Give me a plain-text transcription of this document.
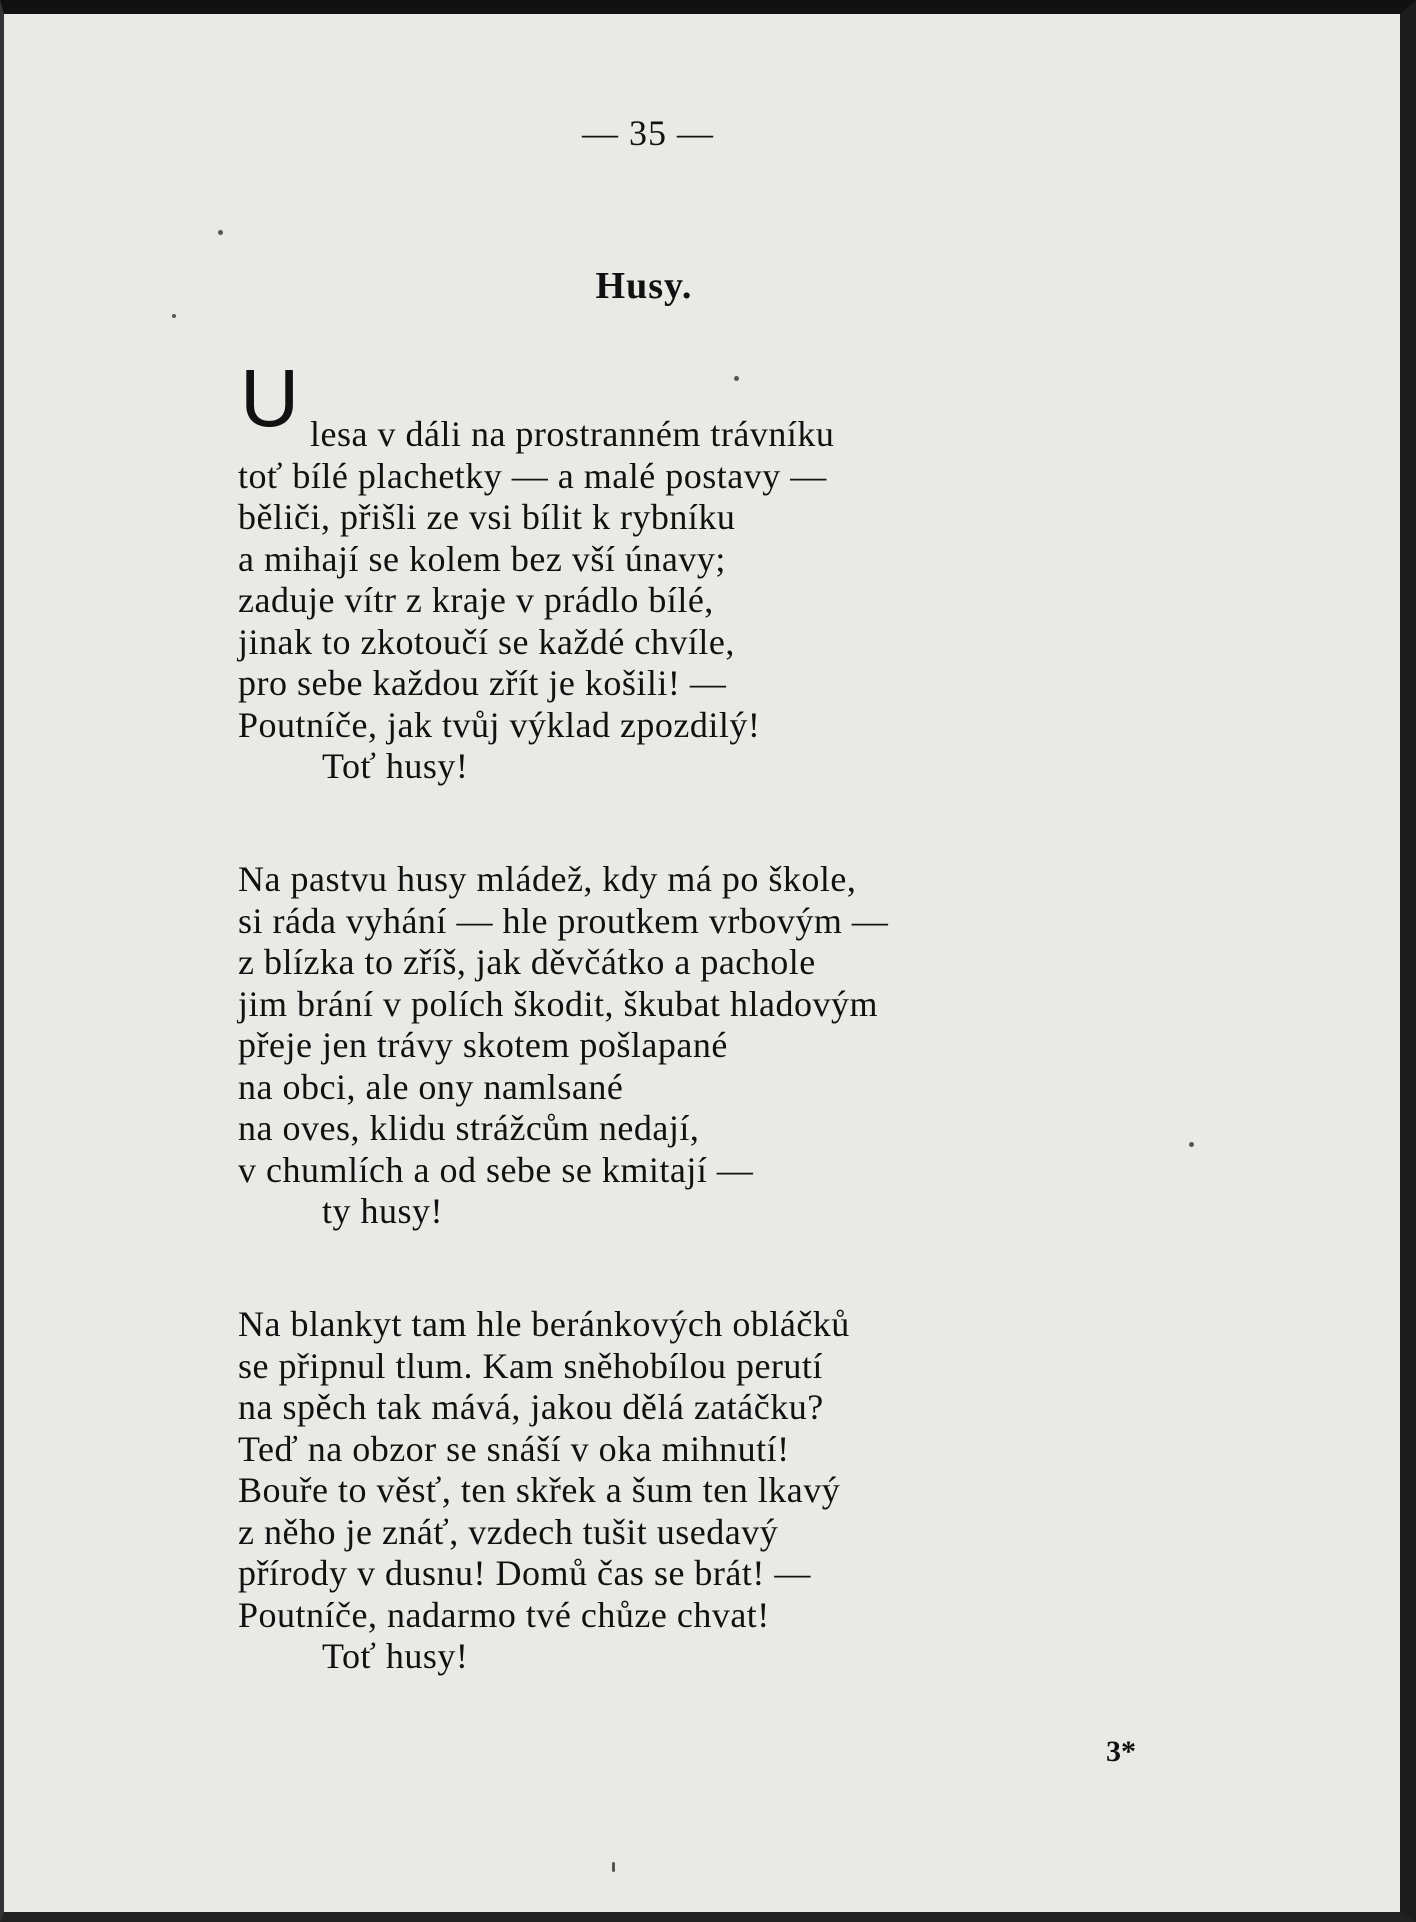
— 35 —
Husy.
U lesa v dáli na prostranném trávníku
toť bílé plachetky — a malé postavy —
běliči, přišli ze vsi bílit k rybníku
a mihají se kolem bez vší únavy;
zaduje vítr z kraje v prádlo bílé,
jinak to zkotoučí se každé chvíle,
pro sebe každou zřít je košili! —
Poutníče, jak tvůj výklad zpozdilý!
Toť husy!
Na pastvu husy mládež, kdy má po škole,
si ráda vyhání — hle proutkem vrbovým —
z blízka to zříš, jak děvčátko a pachole
jim brání v polích škodit, škubat hladovým
přeje jen trávy skotem pošlapané
na obci, ale ony namlsané
na oves, klidu strážcům nedají,
v chumlích a od sebe se kmitají —
ty husy!
Na blankyt tam hle beránkových obláčků
se připnul tlum. Kam sněhobílou perutí
na spěch tak mává, jakou dělá zatáčku?
Teď na obzor se snáší v oka mihnutí!
Bouře to věsť, ten skřek a šum ten lkavý
z něho je znáť, vzdech tušit usedavý
přírody v dusnu! Domů čas se brát! —
Poutníče, nadarmo tvé chůze chvat!
Toť husy!
3*
